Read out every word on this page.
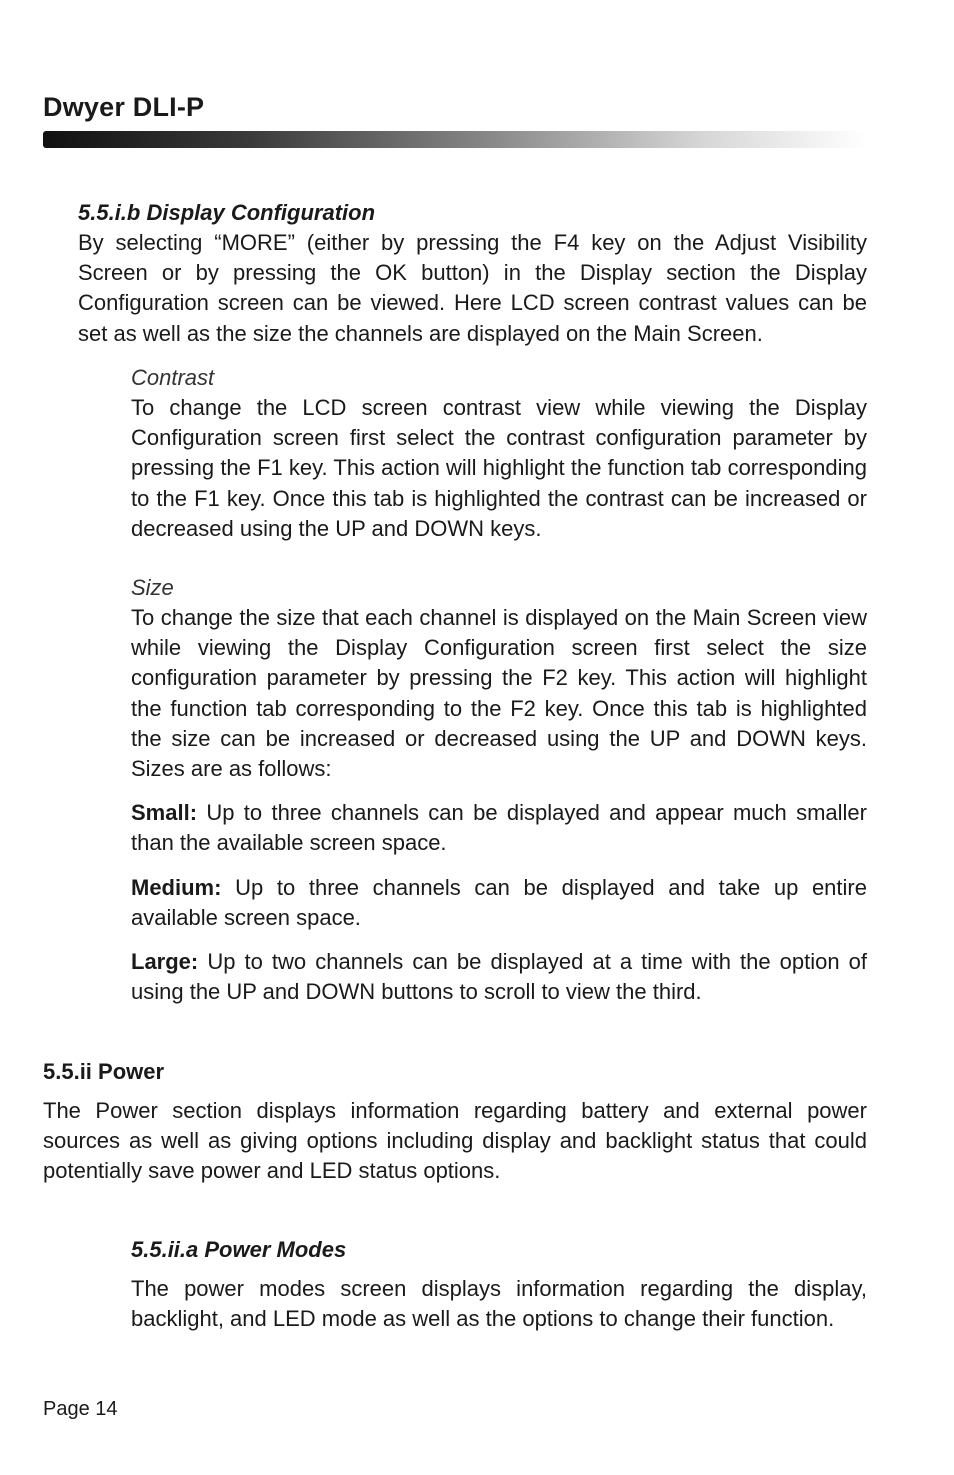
Dwyer DLI-P
5.5.i.b Display Configuration

By selecting “MORE” (either by pressing the F4 key on the Adjust Visibility Screen or by pressing the OK button) in the Display section the Display Configuration screen can be viewed. Here LCD screen contrast values can be set as well as the size the channels are displayed on the Main Screen.

Contrast

To change the LCD screen contrast view while viewing the Display Configuration screen first select the contrast configuration parameter by pressing the F1 key. This action will highlight the function tab corresponding to the F1 key. Once this tab is highlighted the contrast can be increased or decreased using the UP and DOWN keys.

Size

To change the size that each channel is displayed on the Main Screen view while viewing the Display Configuration screen first select the size configuration parameter by pressing the F2 key. This action will highlight the function tab corresponding to the F2 key. Once this tab is highlighted the size can be increased or decreased using the UP and DOWN keys. Sizes are as follows:

Small: Up to three channels can be displayed and appear much smaller than the available screen space.

Medium: Up to three channels can be displayed and take up entire available screen space.

Large: Up to two channels can be displayed at a time with the option of using the UP and DOWN buttons to scroll to view the third.

5.5.ii Power

The Power section displays information regarding battery and external power sources as well as giving options including display and backlight status that could potentially save power and LED status options.

5.5.ii.a Power Modes

The power modes screen displays information regarding the display, backlight, and LED mode as well as the options to change their function.

Page 14
